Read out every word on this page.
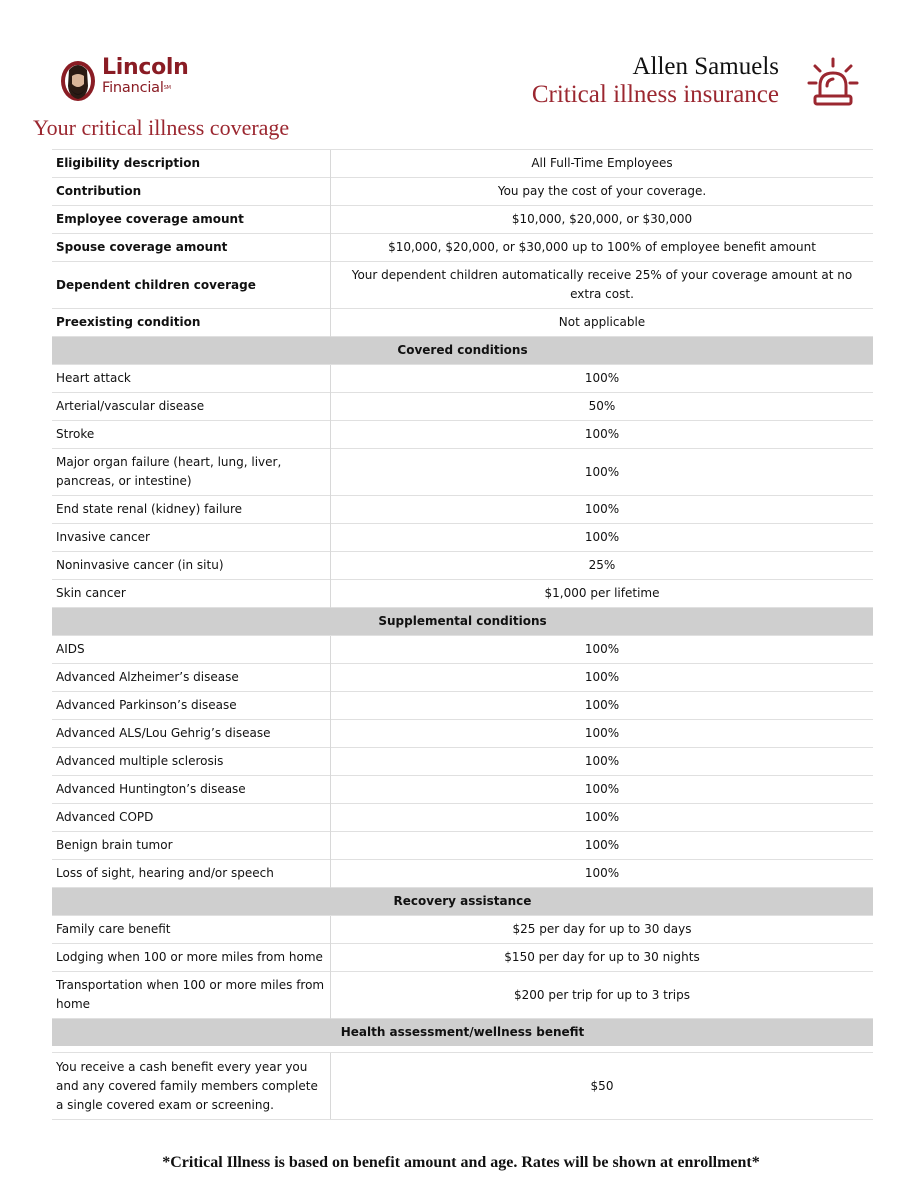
Lincoln
Financial℠
Allen Samuels
Critical illness insurance
Your critical illness coverage
Eligibility description	All Full-Time Employees
Contribution	You pay the cost of your coverage.
Employee coverage amount	$10,000, $20,000, or $30,000
Spouse coverage amount	$10,000, $20,000, or $30,000 up to 100% of employee benefit amount
Dependent children coverage	Your dependent children automatically receive 25% of your coverage amount at no extra cost.
Preexisting condition	Not applicable
Covered conditions	
Heart attack	100%
Arterial/vascular disease	50%
Stroke	100%
Major organ failure (heart, lung, liver, pancreas, or intestine)	100%
End state renal (kidney) failure	100%
Invasive cancer	100%
Noninvasive cancer (in situ)	25%
Skin cancer	$1,000 per lifetime
Supplemental conditions	
AIDS	100%
Advanced Alzheimer’s disease	100%
Advanced Parkinson’s disease	100%
Advanced ALS/Lou Gehrig’s disease	100%
Advanced multiple sclerosis	100%
Advanced Huntington’s disease	100%
Advanced COPD	100%
Benign brain tumor	100%
Loss of sight, hearing and/or speech	100%
Recovery assistance	
Family care benefit	$25 per day for up to 30 days
Lodging when 100 or more miles from home	$150 per day for up to 30 nights
Transportation when 100 or more miles from home	$200 per trip for up to 3 trips
Health assessment/wellness benefit	

You receive a cash benefit every year you and any covered family members complete a single covered exam or screening.	$50
*Critical Illness is based on benefit amount and age. Rates will be shown at enrollment*
